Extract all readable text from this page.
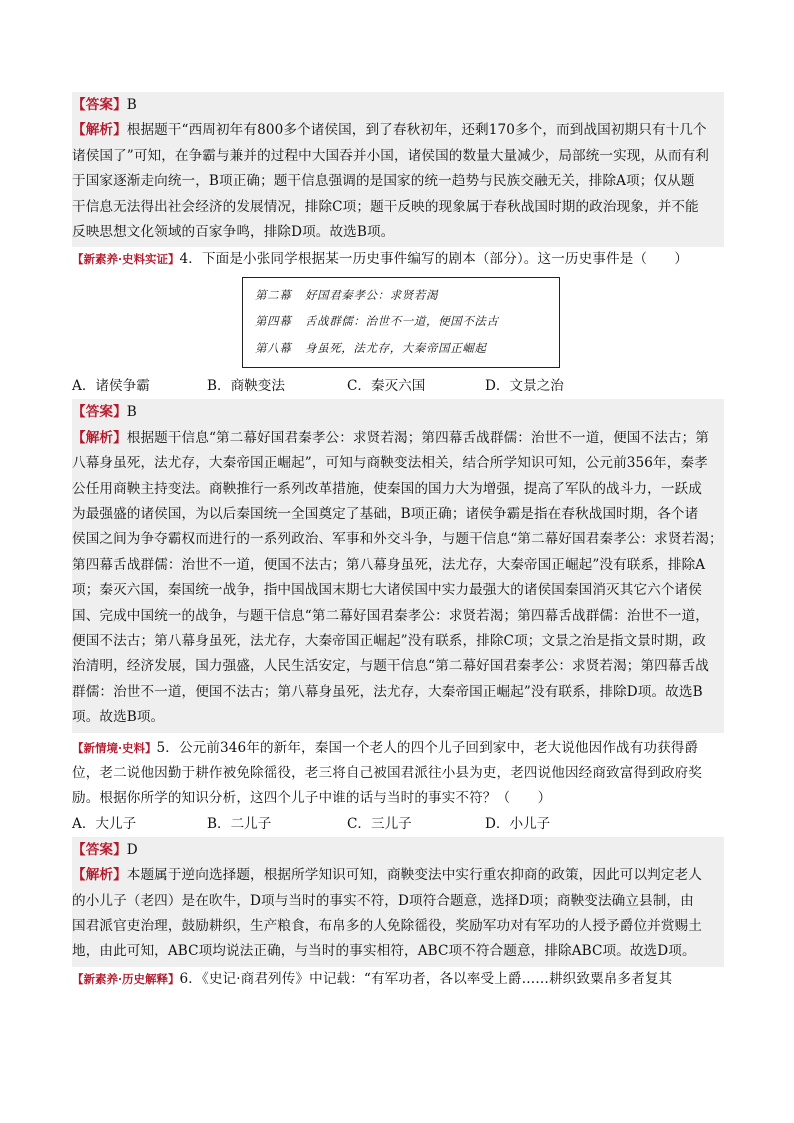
【答案】B
【解析】根据题干“西周初年有800多个诸侯国，到了春秋初年，还剩170多个，而到战国初期只有十几个
诸侯国了”可知，在争霸与兼并的过程中大国吞并小国，诸侯国的数量大量减少，局部统一实现，从而有利
于国家逐渐走向统一，B项正确；题干信息强调的是国家的统一趋势与民族交融无关，排除A项；仅从题
干信息无法得出社会经济的发展情况，排除C项；题干反映的现象属于春秋战国时期的政治现象，并不能
反映思想文化领域的百家争鸣，排除D项。故选B项。
【新素养·史料实证】4．下面是小张同学根据某一历史事件编写的剧本（部分）。这一历史事件是（　　）
第二幕 好国君秦孝公：求贤若渴
第四幕 舌战群儒：治世不一道，便国不法古
第八幕 身虽死，法尤存，大秦帝国正崛起
A．诸侯争霸	B．商鞅变法	C．秦灭六国	D．文景之治
【答案】B
【解析】根据题干信息“第二幕好国君秦孝公：求贤若渴；第四幕舌战群儒：治世不一道，便国不法古；第
八幕身虽死，法尤存，大秦帝国正崛起”，可知与商鞅变法相关，结合所学知识可知，公元前356年，秦孝
公任用商鞅主持变法。商鞅推行一系列改革措施，使秦国的国力大为增强，提高了军队的战斗力，一跃成
为最强盛的诸侯国，为以后秦国统一全国奠定了基础，B项正确；诸侯争霸是指在春秋战国时期，各个诸
侯国之间为争夺霸权而进行的一系列政治、军事和外交斗争，与题干信息“第二幕好国君秦孝公：求贤若渴；
第四幕舌战群儒：治世不一道，便国不法古；第八幕身虽死，法尤存，大秦帝国正崛起”没有联系，排除A
项；秦灭六国，秦国统一战争，指中国战国末期七大诸侯国中实力最强大的诸侯国秦国消灭其它六个诸侯
国、完成中国统一的战争，与题干信息“第二幕好国君秦孝公：求贤若渴；第四幕舌战群儒：治世不一道，
便国不法古；第八幕身虽死，法尤存，大秦帝国正崛起”没有联系，排除C项；文景之治是指文景时期，政
治清明，经济发展，国力强盛，人民生活安定，与题干信息“第二幕好国君秦孝公：求贤若渴；第四幕舌战
群儒：治世不一道，便国不法古；第八幕身虽死，法尤存，大秦帝国正崛起”没有联系，排除D项。故选B
项。故选B项。
【新情境·史料】5．公元前346年的新年，秦国一个老人的四个儿子回到家中，老大说他因作战有功获得爵
位，老二说他因勤于耕作被免除徭役，老三将自己被国君派往小县为吏，老四说他因经商致富得到政府奖
励。根据你所学的知识分析，这四个儿子中谁的话与当时的事实不符？（　　）
A．大儿子	B．二儿子	C．三儿子	D．小儿子
【答案】D
【解析】本题属于逆向选择题，根据所学知识可知，商鞅变法中实行重农抑商的政策，因此可以判定老人
的小儿子（老四）是在吹牛，D项与当时的事实不符，D项符合题意，选择D项；商鞅变法确立县制，由
国君派官吏治理，鼓励耕织，生产粮食，布帛多的人免除徭役，奖励军功对有军功的人授予爵位并赏赐土
地，由此可知，ABC项均说法正确，与当时的事实相符，ABC项不符合题意，排除ABC项。故选D项。
【新素养·历史解释】6．《史记·商君列传》中记载：“有军功者，各以率受上爵……耕织致粟帛多者复其
